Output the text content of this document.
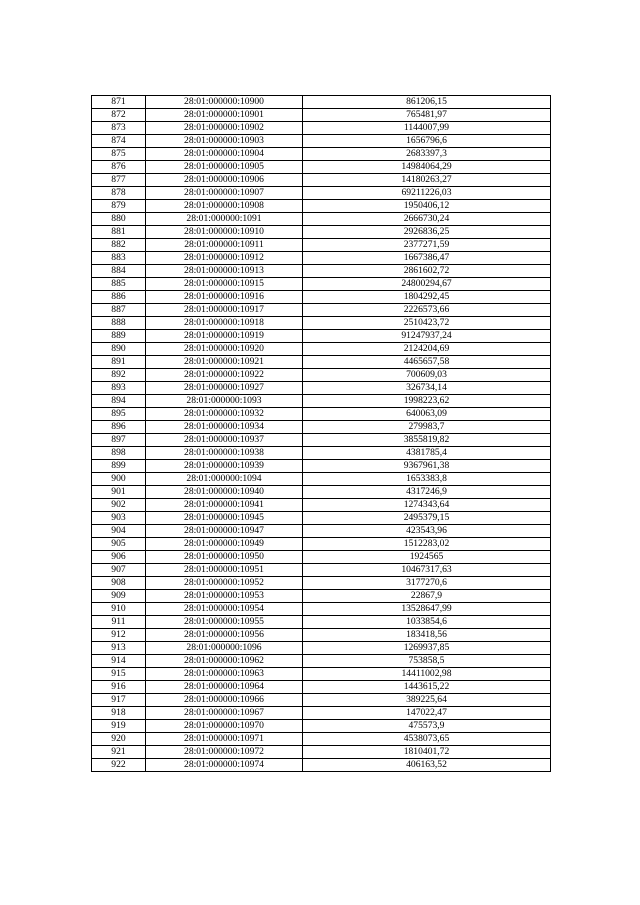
871	28:01:000000:10900	861206,15
872	28:01:000000:10901	765481,97
873	28:01:000000:10902	1144007,99
874	28:01:000000:10903	1656796,6
875	28:01:000000:10904	2683397,3
876	28:01:000000:10905	14984064,29
877	28:01:000000:10906	14180263,27
878	28:01:000000:10907	69211226,03
879	28:01:000000:10908	1950406,12
880	28:01:000000:1091	2666730,24
881	28:01:000000:10910	2926836,25
882	28:01:000000:10911	2377271,59
883	28:01:000000:10912	1667386,47
884	28:01:000000:10913	2861602,72
885	28:01:000000:10915	24800294,67
886	28:01:000000:10916	1804292,45
887	28:01:000000:10917	2226573,66
888	28:01:000000:10918	2510423,72
889	28:01:000000:10919	91247937,24
890	28:01:000000:10920	2124204,69
891	28:01:000000:10921	4465657,58
892	28:01:000000:10922	700609,03
893	28:01:000000:10927	326734,14
894	28:01:000000:1093	1998223,62
895	28:01:000000:10932	640063,09
896	28:01:000000:10934	279983,7
897	28:01:000000:10937	3855819,82
898	28:01:000000:10938	4381785,4
899	28:01:000000:10939	9367961,38
900	28:01:000000:1094	1653383,8
901	28:01:000000:10940	4317246,9
902	28:01:000000:10941	1274343,64
903	28:01:000000:10945	2495379,15
904	28:01:000000:10947	423543,96
905	28:01:000000:10949	1512283,02
906	28:01:000000:10950	1924565
907	28:01:000000:10951	10467317,63
908	28:01:000000:10952	3177270,6
909	28:01:000000:10953	22867,9
910	28:01:000000:10954	13528647,99
911	28:01:000000:10955	1033854,6
912	28:01:000000:10956	183418,56
913	28:01:000000:1096	1269937,85
914	28:01:000000:10962	753858,5
915	28:01:000000:10963	14411002,98
916	28:01:000000:10964	1443615,22
917	28:01:000000:10966	389225,64
918	28:01:000000:10967	147022,47
919	28:01:000000:10970	475573,9
920	28:01:000000:10971	4538073,65
921	28:01:000000:10972	1810401,72
922	28:01:000000:10974	406163,52
